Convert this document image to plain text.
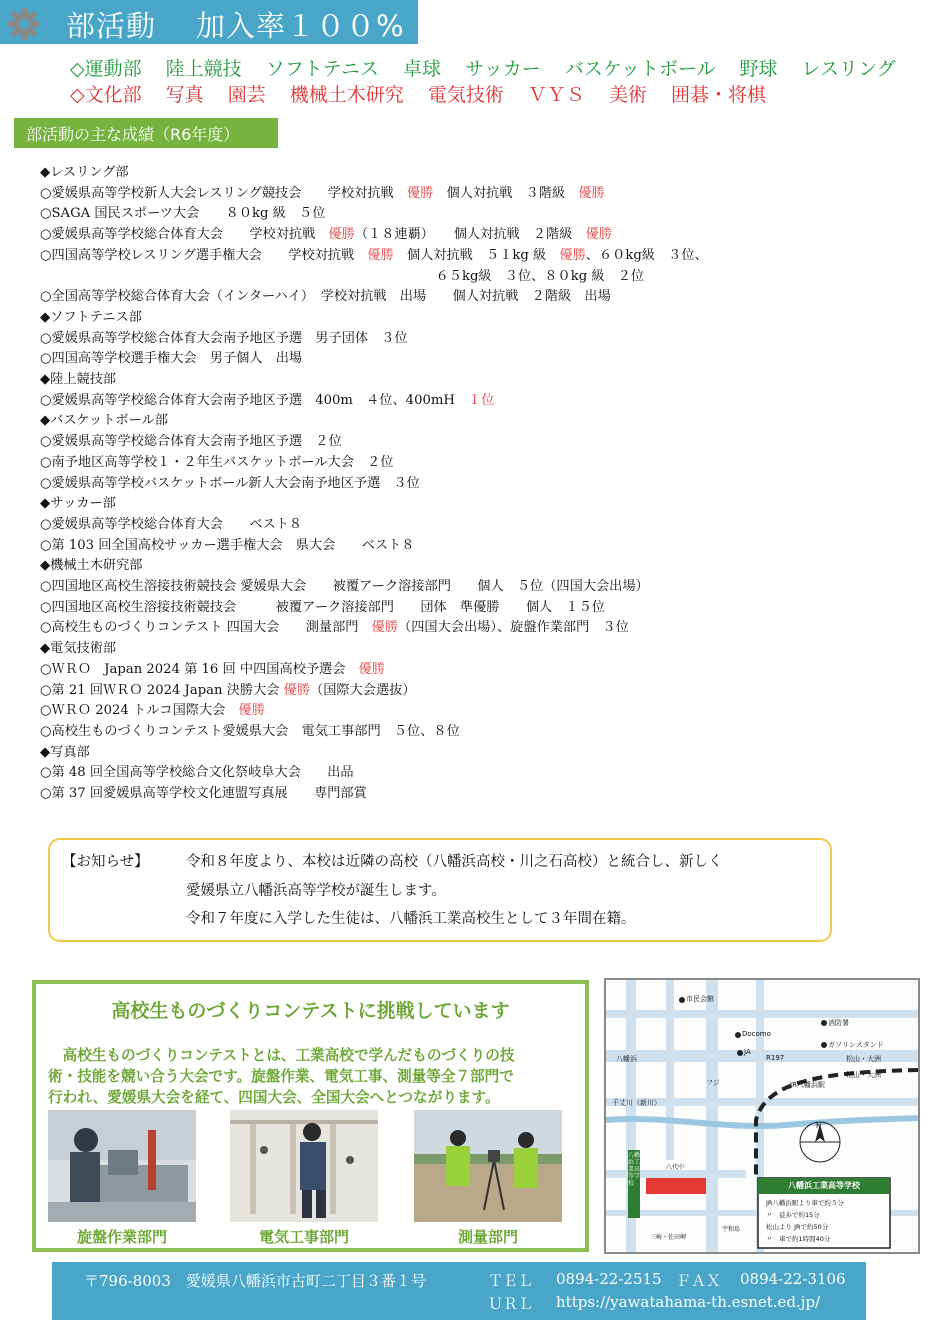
部活動 加入率１００%
◇運動部 陸上競技 ソフトテニス 卓球 サッカー バスケットボール 野球 レスリング
◇文化部 写真 園芸 機械土木研究 電気技術 ＶＹＳ 美術 囲碁・将棋
部活動の主な成績（R6年度）
◆レスリング部
○愛媛県高等学校新人大会レスリング競技会　　学校対抗戦　優勝　個人対抗戦　３階級　優勝
○SAGA 国民スポーツ大会　　８０kg 級　５位
○愛媛県高等学校総合体育大会　　学校対抗戦　優勝（１８連覇）　　個人対抗戦　２階級　優勝
○四国高等学校レスリング選手権大会　　学校対抗戦　優勝　個人対抗戦　５１kg 級　優勝、６０kg級　３位、
　　　　　　　　　　　　　　　　　　　　　　　　　　　　　　６５kg級　３位、８０kg 級　２位
○全国高等学校総合体育大会（インターハイ）　学校対抗戦　出場　　個人対抗戦　２階級　出場
◆ソフトテニス部
○愛媛県高等学校総合体育大会南予地区予選　男子団体　３位
○四国高等学校選手権大会　男子個人　出場
◆陸上競技部
○愛媛県高等学校総合体育大会南予地区予選　400m　４位、400mH　１位
◆バスケットボール部
○愛媛県高等学校総合体育大会南予地区予選　２位
○南予地区高等学校１・２年生バスケットボール大会　２位
○愛媛県高等学校バスケットボール新人大会南予地区予選　３位
◆サッカー部
○愛媛県高等学校総合体育大会　　ベスト８
○第 103 回全国高校サッカー選手権大会　県大会　　ベスト８
◆機械土木研究部
○四国地区高校生溶接技術競技会 愛媛県大会　　被覆アーク溶接部門　　個人　５位（四国大会出場）
○四国地区高校生溶接技術競技会　　　被覆アーク溶接部門　　団体　準優勝　　個人　１５位
○高校生ものづくりコンテスト 四国大会　　測量部門　優勝（四国大会出場）、旋盤作業部門　３位
◆電気技術部
○ＷＲＯ　Japan 2024 第 16 回 中四国高校予選会　優勝
○第 21 回ＷＲＯ 2024 Japan 決勝大会 優勝（国際大会選抜）
○ＷＲＯ 2024 トルコ国際大会　優勝
○高校生ものづくりコンテスト愛媛県大会　電気工事部門　５位、８位
◆写真部
○第 48 回全国高等学校総合文化祭岐阜大会　　出品
○第 37 回愛媛県高等学校文化連盟写真展　　専門部賞
【お知らせ】	令和８年度より、本校は近隣の高校（八幡浜高校・川之石高校）と統合し、新しく
愛媛県立八幡浜高等学校が誕生します。
令和７年度に入学した生徒は、八幡浜工業高校生として３年間在籍。
高校生ものづくりコンテストに挑戦しています
　高校生ものづくりコンテストとは、工業高校で学んだものづくりの技
術・技能を競い合う大会です。旋盤作業、電気工事、測量等全７部門で
行われ、愛媛県大会を経て、四国大会、全国大会へとつながります。
旋盤作業部門	電気工事部門	測量部門
市民会館
消防署
Docomo
ガソリンスタンド
JA
JR八幡浜駅
フジ
R197	松山・大洲
松山・大洲
八幡浜
千丈川（新川）
N
八幡浜工業高等学校	八幡浜工業高等学校
八代中
JR八幡浜駅より車で約５分
〃　徒歩で約15分
松山より JRで約50分
〃　車で約1時間40分
宇和島
三崎・佐田岬
〒796-8003　愛媛県八幡浜市古町二丁目３番１号	ＴＥＬ 0894-22-2515 ＦＡＸ 0894-22-3106
ＵＲＬ https://yawatahama-th.esnet.ed.jp/
